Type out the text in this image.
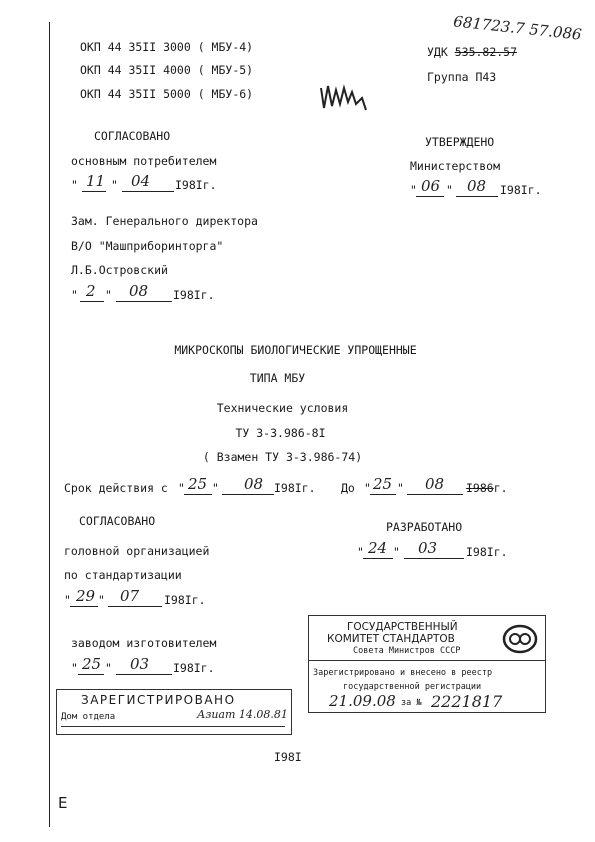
ОКП 44 35II 3000 ( МБУ-4)
ОКП 44 35II 4000 ( МБУ-5)
ОКП 44 35II 5000 ( МБУ-6)
681723.7 57.086
УДК 535.82.57
Группа П43
СОГЛАСОВАНО
основным потребителем
" 11 " 04 I98Iг.
УТВЕРЖДЕНО
Министерством
" 06 " 08 I98Iг.
Зам. Генерального директора
В/О "Машприборинторга"
Л.Б.Островский
" 2 " 08 I98Iг.
МИКРОСКОПЫ БИОЛОГИЧЕСКИЕ УПРОЩЕННЫЕ
ТИПА МБУ
Технические условия
ТУ 3-3.986-8I
( Взамен ТУ 3-3.986-74)
Срок действия с " 25 " 08 I98Iг. До " 25 " 08 I986г.
СОГЛАСОВАНО
головной организацией
по стандартизации
" 29 " 07 I98Iг.
РАЗРАБОТАНО
" 24 " 03	I98Iг.
заводом изготовителем
" 25 " 03 I98Iг.
ЗАРЕГИСТРИРОВАНО
Дом отдела	Азиат 14.08.81
ГОСУДАРСТВЕННЫЙ
КОМИТЕТ СТАНДАРТОВ
Совета Министров СССР
Зарегистрировано и внесено в реестр
государственной регистрации
21.09.08 за № 2221817
I98I
E
